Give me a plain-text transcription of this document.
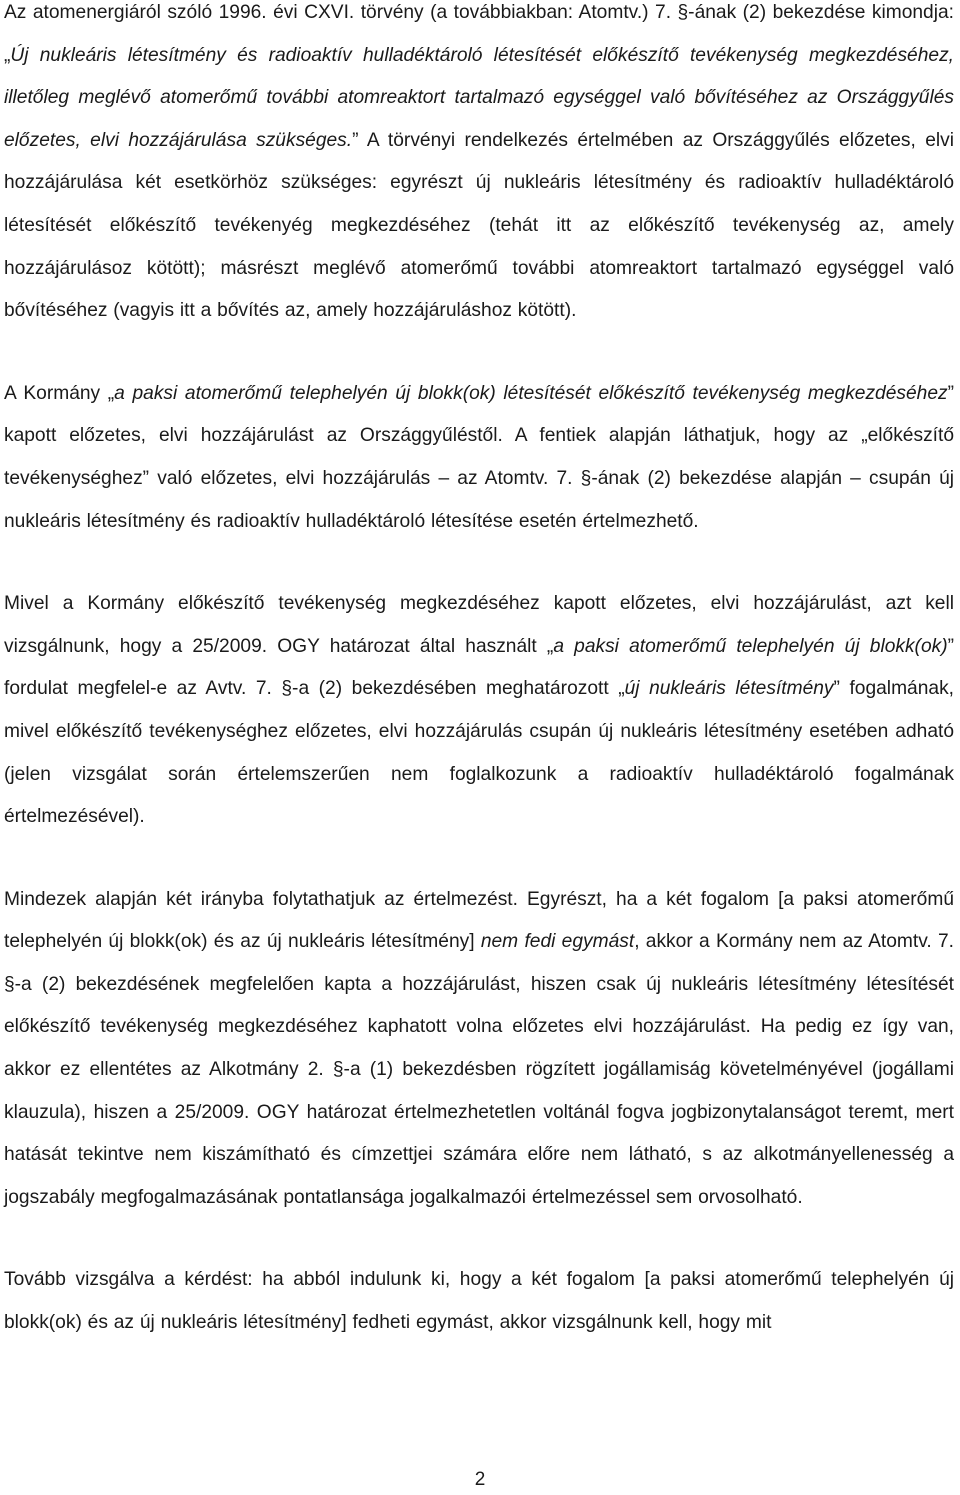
Az atomenergiáról szóló 1996. évi CXVI. törvény (a továbbiakban: Atomtv.) 7. §-ának (2) bekezdése kimondja: „Új nukleáris létesítmény és radioaktív hulladéktároló létesítését előkészítő tevékenység megkezdéséhez, illetőleg meglévő atomerőmű további atomreaktort tartalmazó egységgel való bővítéséhez az Országgyűlés előzetes, elvi hozzájárulása szükséges.” A törvényi rendelkezés értelmében az Országgyűlés előzetes, elvi hozzájárulása két esetkörhöz szükséges: egyrészt új nukleáris létesítmény és radioaktív hulladéktároló létesítését előkészítő tevékenyég megkezdéséhez (tehát itt az előkészítő tevékenység az, amely hozzájárulásoz kötött); másrészt meglévő atomerőmű további atomreaktort tartalmazó egységgel való bővítéséhez (vagyis itt a bővítés az, amely hozzájáruláshoz kötött).

A Kormány „a paksi atomerőmű telephelyén új blokk(ok) létesítését előkészítő tevékenység megkezdéséhez” kapott előzetes, elvi hozzájárulást az Országgyűléstől. A fentiek alapján láthatjuk, hogy az „előkészítő tevékenységhez” való előzetes, elvi hozzájárulás – az Atomtv. 7. §-ának (2) bekezdése alapján – csupán új nukleáris létesítmény és radioaktív hulladéktároló létesítése esetén értelmezhető.

Mivel a Kormány előkészítő tevékenység megkezdéséhez kapott előzetes, elvi hozzájárulást, azt kell vizsgálnunk, hogy a 25/2009. OGY határozat által használt „a paksi atomerőmű telephelyén új blokk(ok)” fordulat megfelel-e az Avtv. 7. §-a (2) bekezdésében meghatározott „új nukleáris létesítmény” fogalmának, mivel előkészítő tevékenységhez előzetes, elvi hozzájárulás csupán új nukleáris létesítmény esetében adható (jelen vizsgálat során értelemszerűen nem foglalkozunk a radioaktív hulladéktároló fogalmának értelmezésével).

Mindezek alapján két irányba folytathatjuk az értelmezést. Egyrészt, ha a két fogalom [a paksi atomerőmű telephelyén új blokk(ok) és az új nukleáris létesítmény] nem fedi egymást, akkor a Kormány nem az Atomtv. 7. §-a (2) bekezdésének megfelelően kapta a hozzájárulást, hiszen csak új nukleáris létesítmény létesítését előkészítő tevékenység megkezdéséhez kaphatott volna előzetes elvi hozzájárulást. Ha pedig ez így van, akkor ez ellentétes az Alkotmány 2. §-a (1) bekezdésben rögzített jogállamiság követelményével (jogállami klauzula), hiszen a 25/2009. OGY határozat értelmezhetetlen voltánál fogva jogbizonytalanságot teremt, mert hatását tekintve nem kiszámítható és címzettjei számára előre nem látható, s az alkotmányellenesség a jogszabály megfogalmazásának pontatlansága jogalkalmazói értelmezéssel sem orvosolható.

Tovább vizsgálva a kérdést: ha abból indulunk ki, hogy a két fogalom [a paksi atomerőmű telephelyén új blokk(ok) és az új nukleáris létesítmény] fedheti egymást, akkor vizsgálnunk kell, hogy mit

2
